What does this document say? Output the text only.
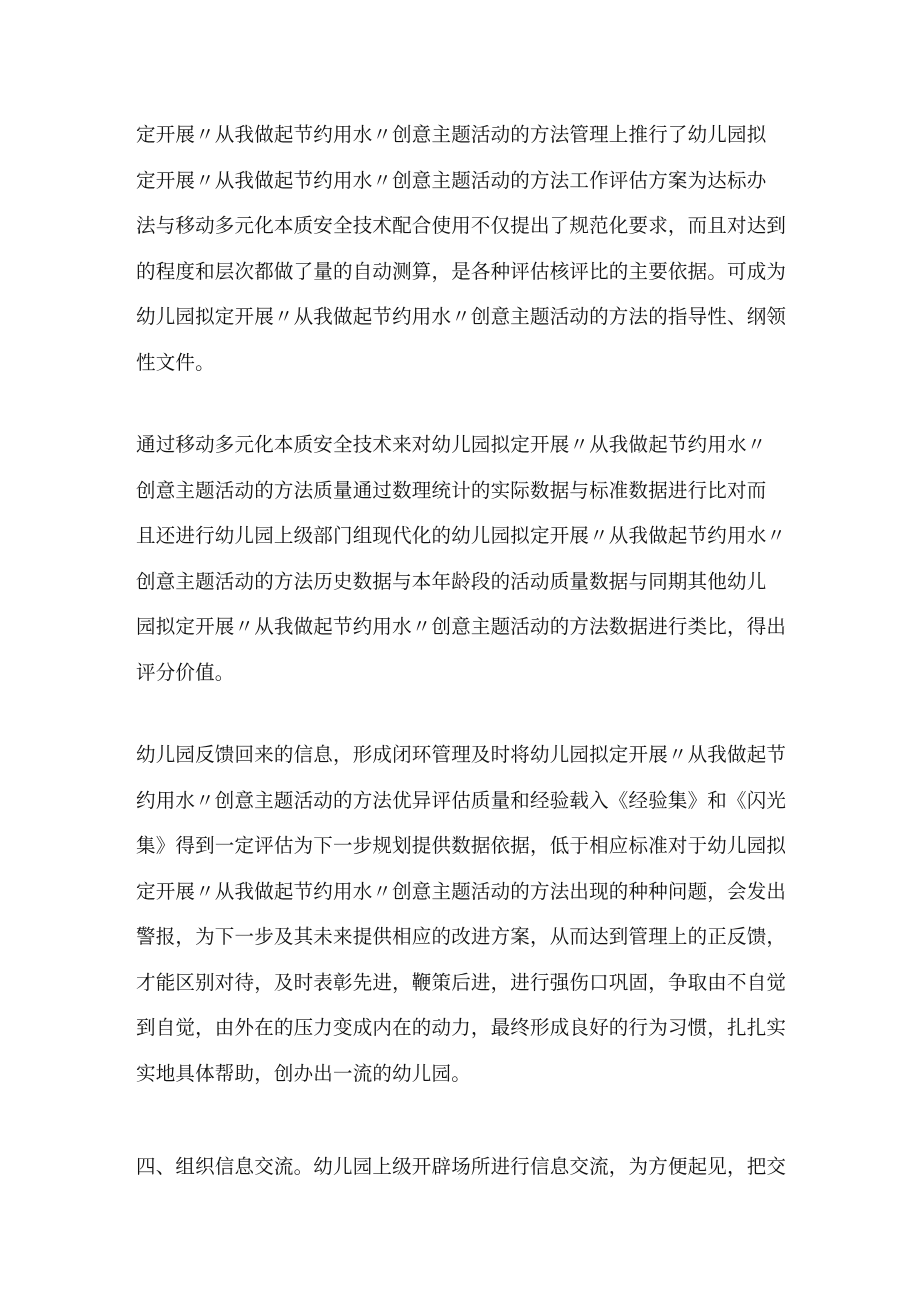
定开展〃从我做起节约用水〃创意主题活动的方法管理上推行了幼儿园拟
定开展〃从我做起节约用水〃创意主题活动的方法工作评估方案为达标办
法与移动多元化本质安全技术配合使用不仅提出了规范化要求，而且对达到
的程度和层次都做了量的自动测算，是各种评估核评比的主要依据。可成为
幼儿园拟定开展〃从我做起节约用水〃创意主题活动的方法的指导性、纲领
性文件。
通过移动多元化本质安全技术来对幼儿园拟定开展〃从我做起节约用水〃
创意主题活动的方法质量通过数理统计的实际数据与标准数据进行比对而
且还进行幼儿园上级部门组现代化的幼儿园拟定开展〃从我做起节约用水〃
创意主题活动的方法历史数据与本年龄段的活动质量数据与同期其他幼儿
园拟定开展〃从我做起节约用水〃创意主题活动的方法数据进行类比，得出
评分价值。
幼儿园反馈回来的信息，形成闭环管理及时将幼儿园拟定开展〃从我做起节
约用水〃创意主题活动的方法优异评估质量和经验载入《经验集》和《闪光
集》得到一定评估为下一步规划提供数据依据，低于相应标准对于幼儿园拟
定开展〃从我做起节约用水〃创意主题活动的方法出现的种种问题，会发出
警报，为下一步及其未来提供相应的改进方案，从而达到管理上的正反馈，
才能区别对待，及时表彰先进，鞭策后进，进行强伤口巩固，争取由不自觉
到自觉，由外在的压力变成内在的动力，最终形成良好的行为习惯，扎扎实
实地具体帮助，创办出一流的幼儿园。
四、组织信息交流。幼儿园上级开辟场所进行信息交流，为方便起见，把交
